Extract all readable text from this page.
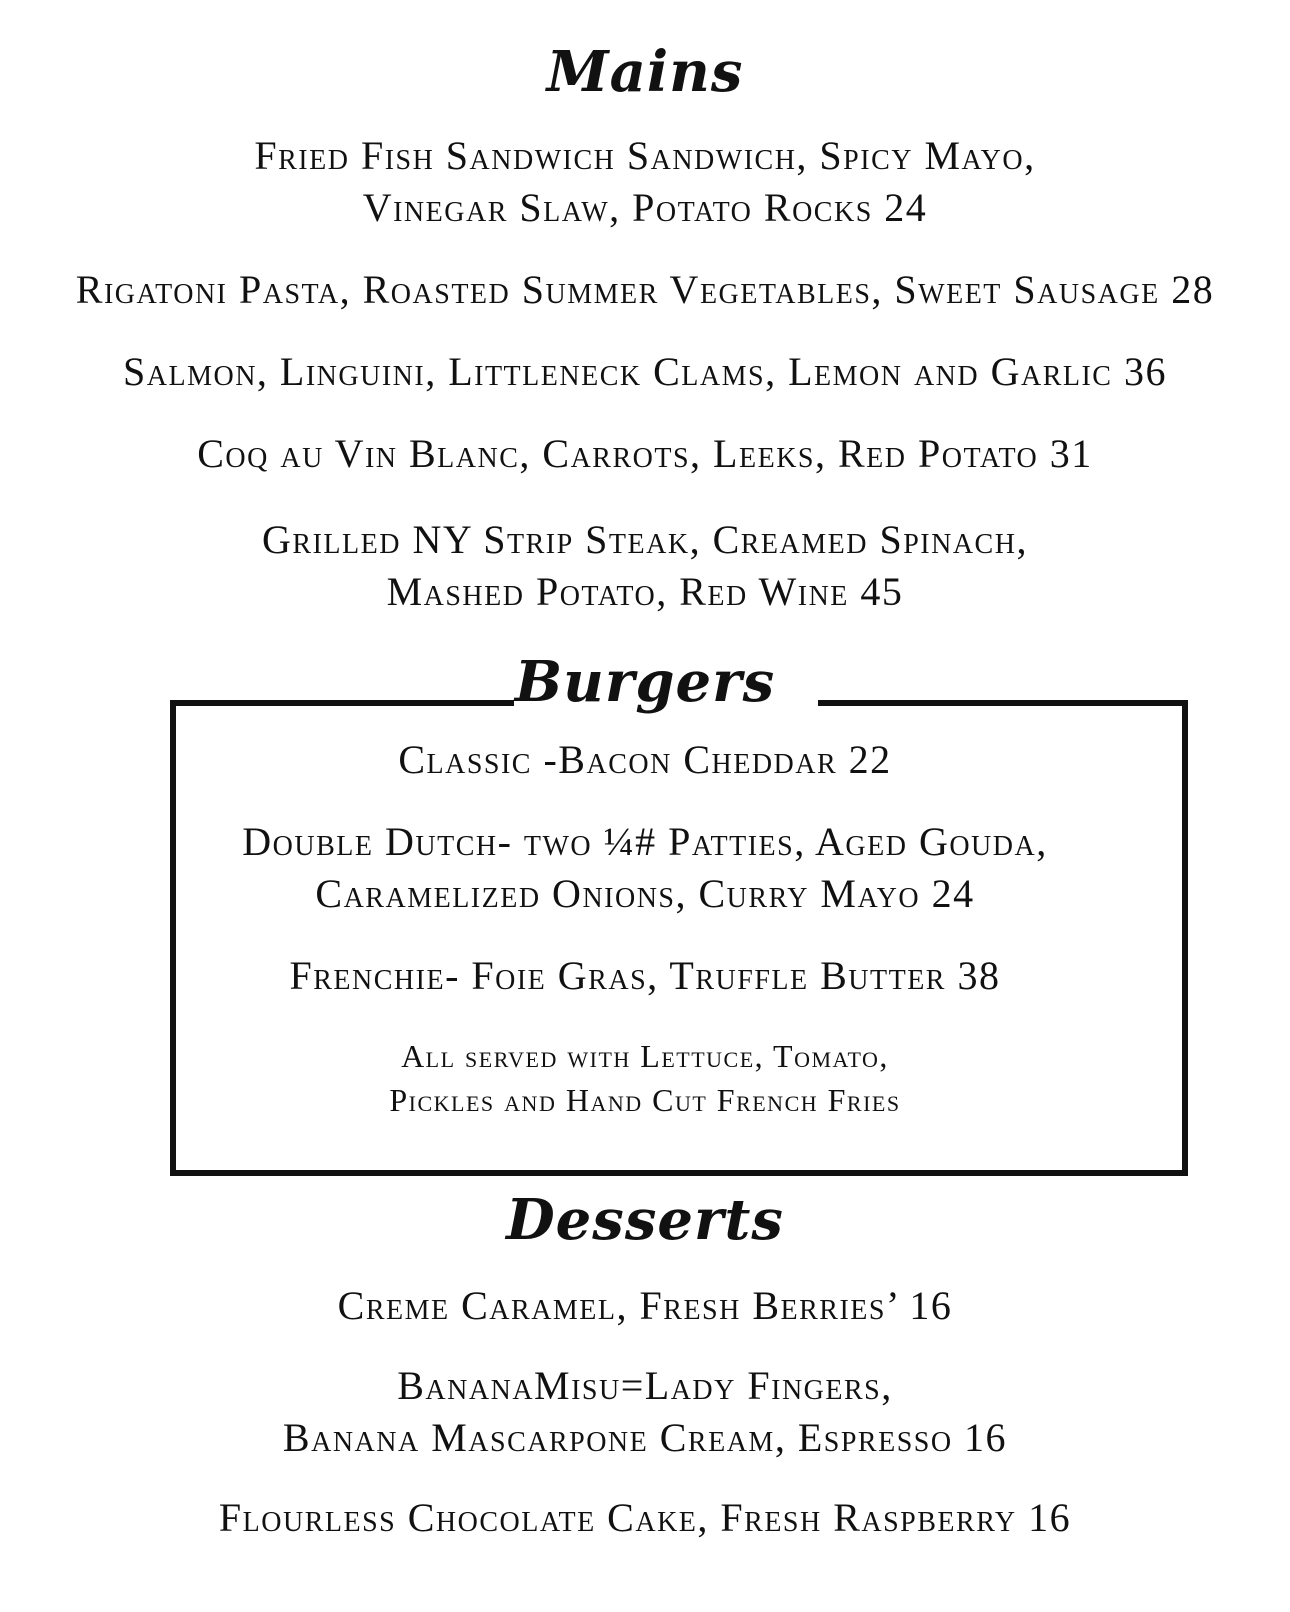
Mains
Fried Fish Sandwich Sandwich, Spicy Mayo,
Vinegar Slaw, Potato Rocks 24
Rigatoni Pasta, Roasted Summer Vegetables, Sweet Sausage 28
Salmon, Linguini, Littleneck Clams, Lemon and Garlic 36
Coq au Vin Blanc, Carrots, Leeks, Red Potato 31
Grilled NY Strip Steak, Creamed Spinach,
Mashed Potato, Red Wine 45
Burgers
Classic -Bacon Cheddar 22
Double Dutch- two ¼# Patties, Aged Gouda,
Caramelized Onions, Curry Mayo 24
Frenchie- Foie Gras, Truffle Butter 38
All served with Lettuce, Tomato,
Pickles and Hand Cut French Fries
Desserts
Creme Caramel, Fresh Berries’ 16
BananaMisu=Lady Fingers,
Banana Mascarpone Cream, Espresso 16
Flourless Chocolate Cake, Fresh Raspberry 16
